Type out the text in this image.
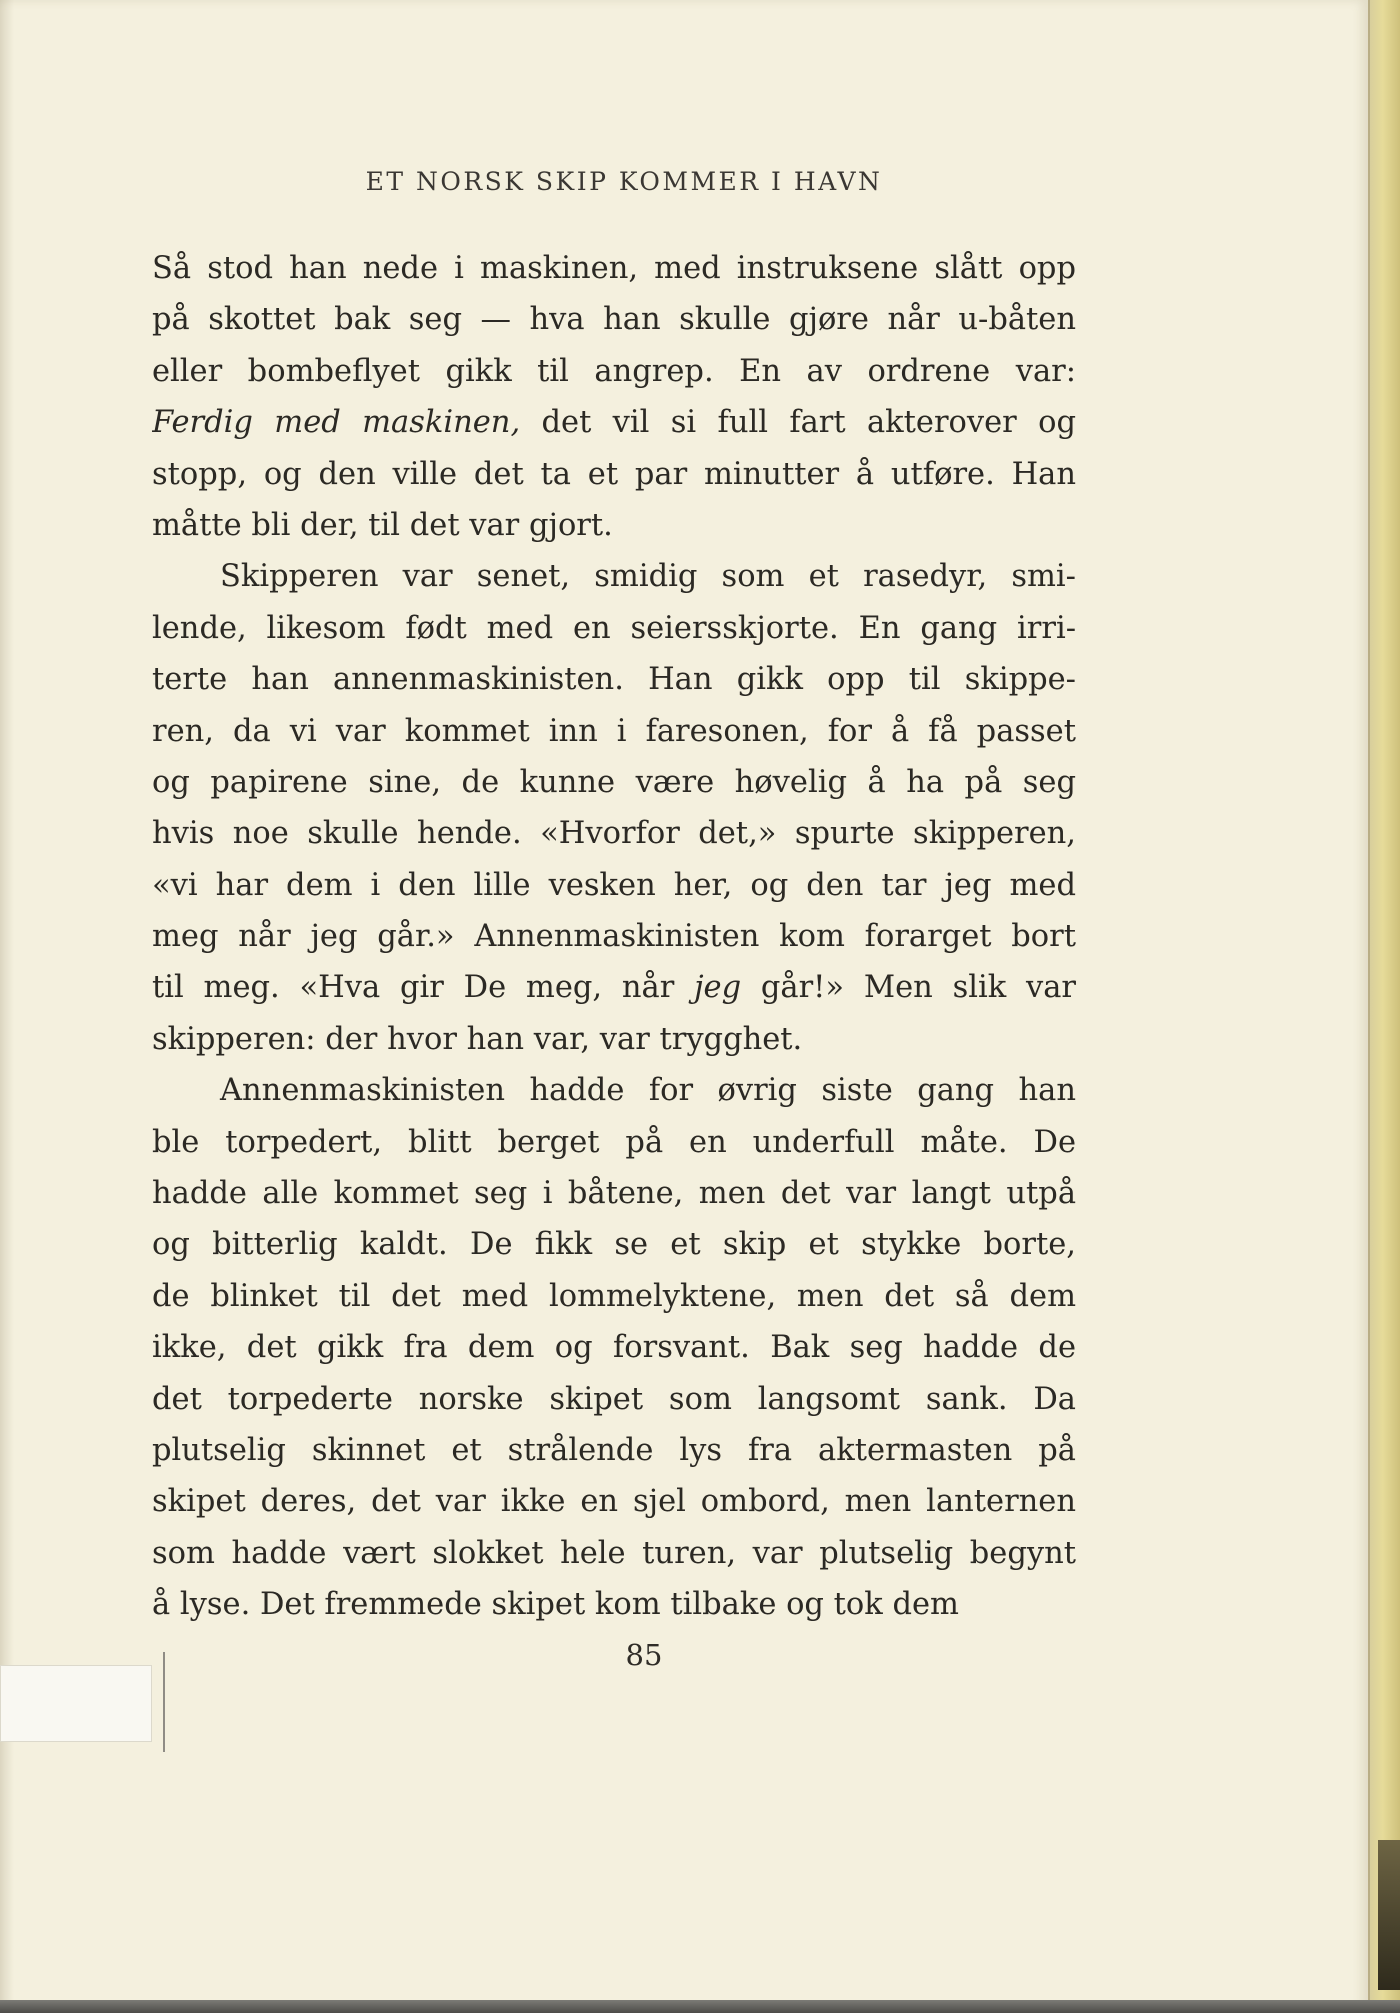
ET NORSK SKIP KOMMER I HAVN
Så stod han nede i maskinen, med instruksene slått opp
på skottet bak seg — hva han skulle gjøre når u-båten
eller bombeflyet gikk til angrep. En av ordrene var:
Ferdig med maskinen, det vil si full fart akterover og
stopp, og den ville det ta et par minutter å utføre. Han
måtte bli der, til det var gjort.
Skipperen var senet, smidig som et rasedyr, smi-
lende, likesom født med en seiersskjorte. En gang irri-
terte han annenmaskinisten. Han gikk opp til skippe-
ren, da vi var kommet inn i faresonen, for å få passet
og papirene sine, de kunne være høvelig å ha på seg
hvis noe skulle hende. «Hvorfor det,» spurte skipperen,
«vi har dem i den lille vesken her, og den tar jeg med
meg når jeg går.» Annenmaskinisten kom forarget bort
til meg. «Hva gir De meg, når jeg går!» Men slik var
skipperen: der hvor han var, var trygghet.
Annenmaskinisten hadde for øvrig siste gang han
ble torpedert, blitt berget på en underfull måte. De
hadde alle kommet seg i båtene, men det var langt utpå
og bitterlig kaldt. De fikk se et skip et stykke borte,
de blinket til det med lommelyktene, men det så dem
ikke, det gikk fra dem og forsvant. Bak seg hadde de
det torpederte norske skipet som langsomt sank. Da
plutselig skinnet et strålende lys fra aktermasten på
skipet deres, det var ikke en sjel ombord, men lanternen
som hadde vært slokket hele turen, var plutselig begynt
å lyse. Det fremmede skipet kom tilbake og tok dem
85
